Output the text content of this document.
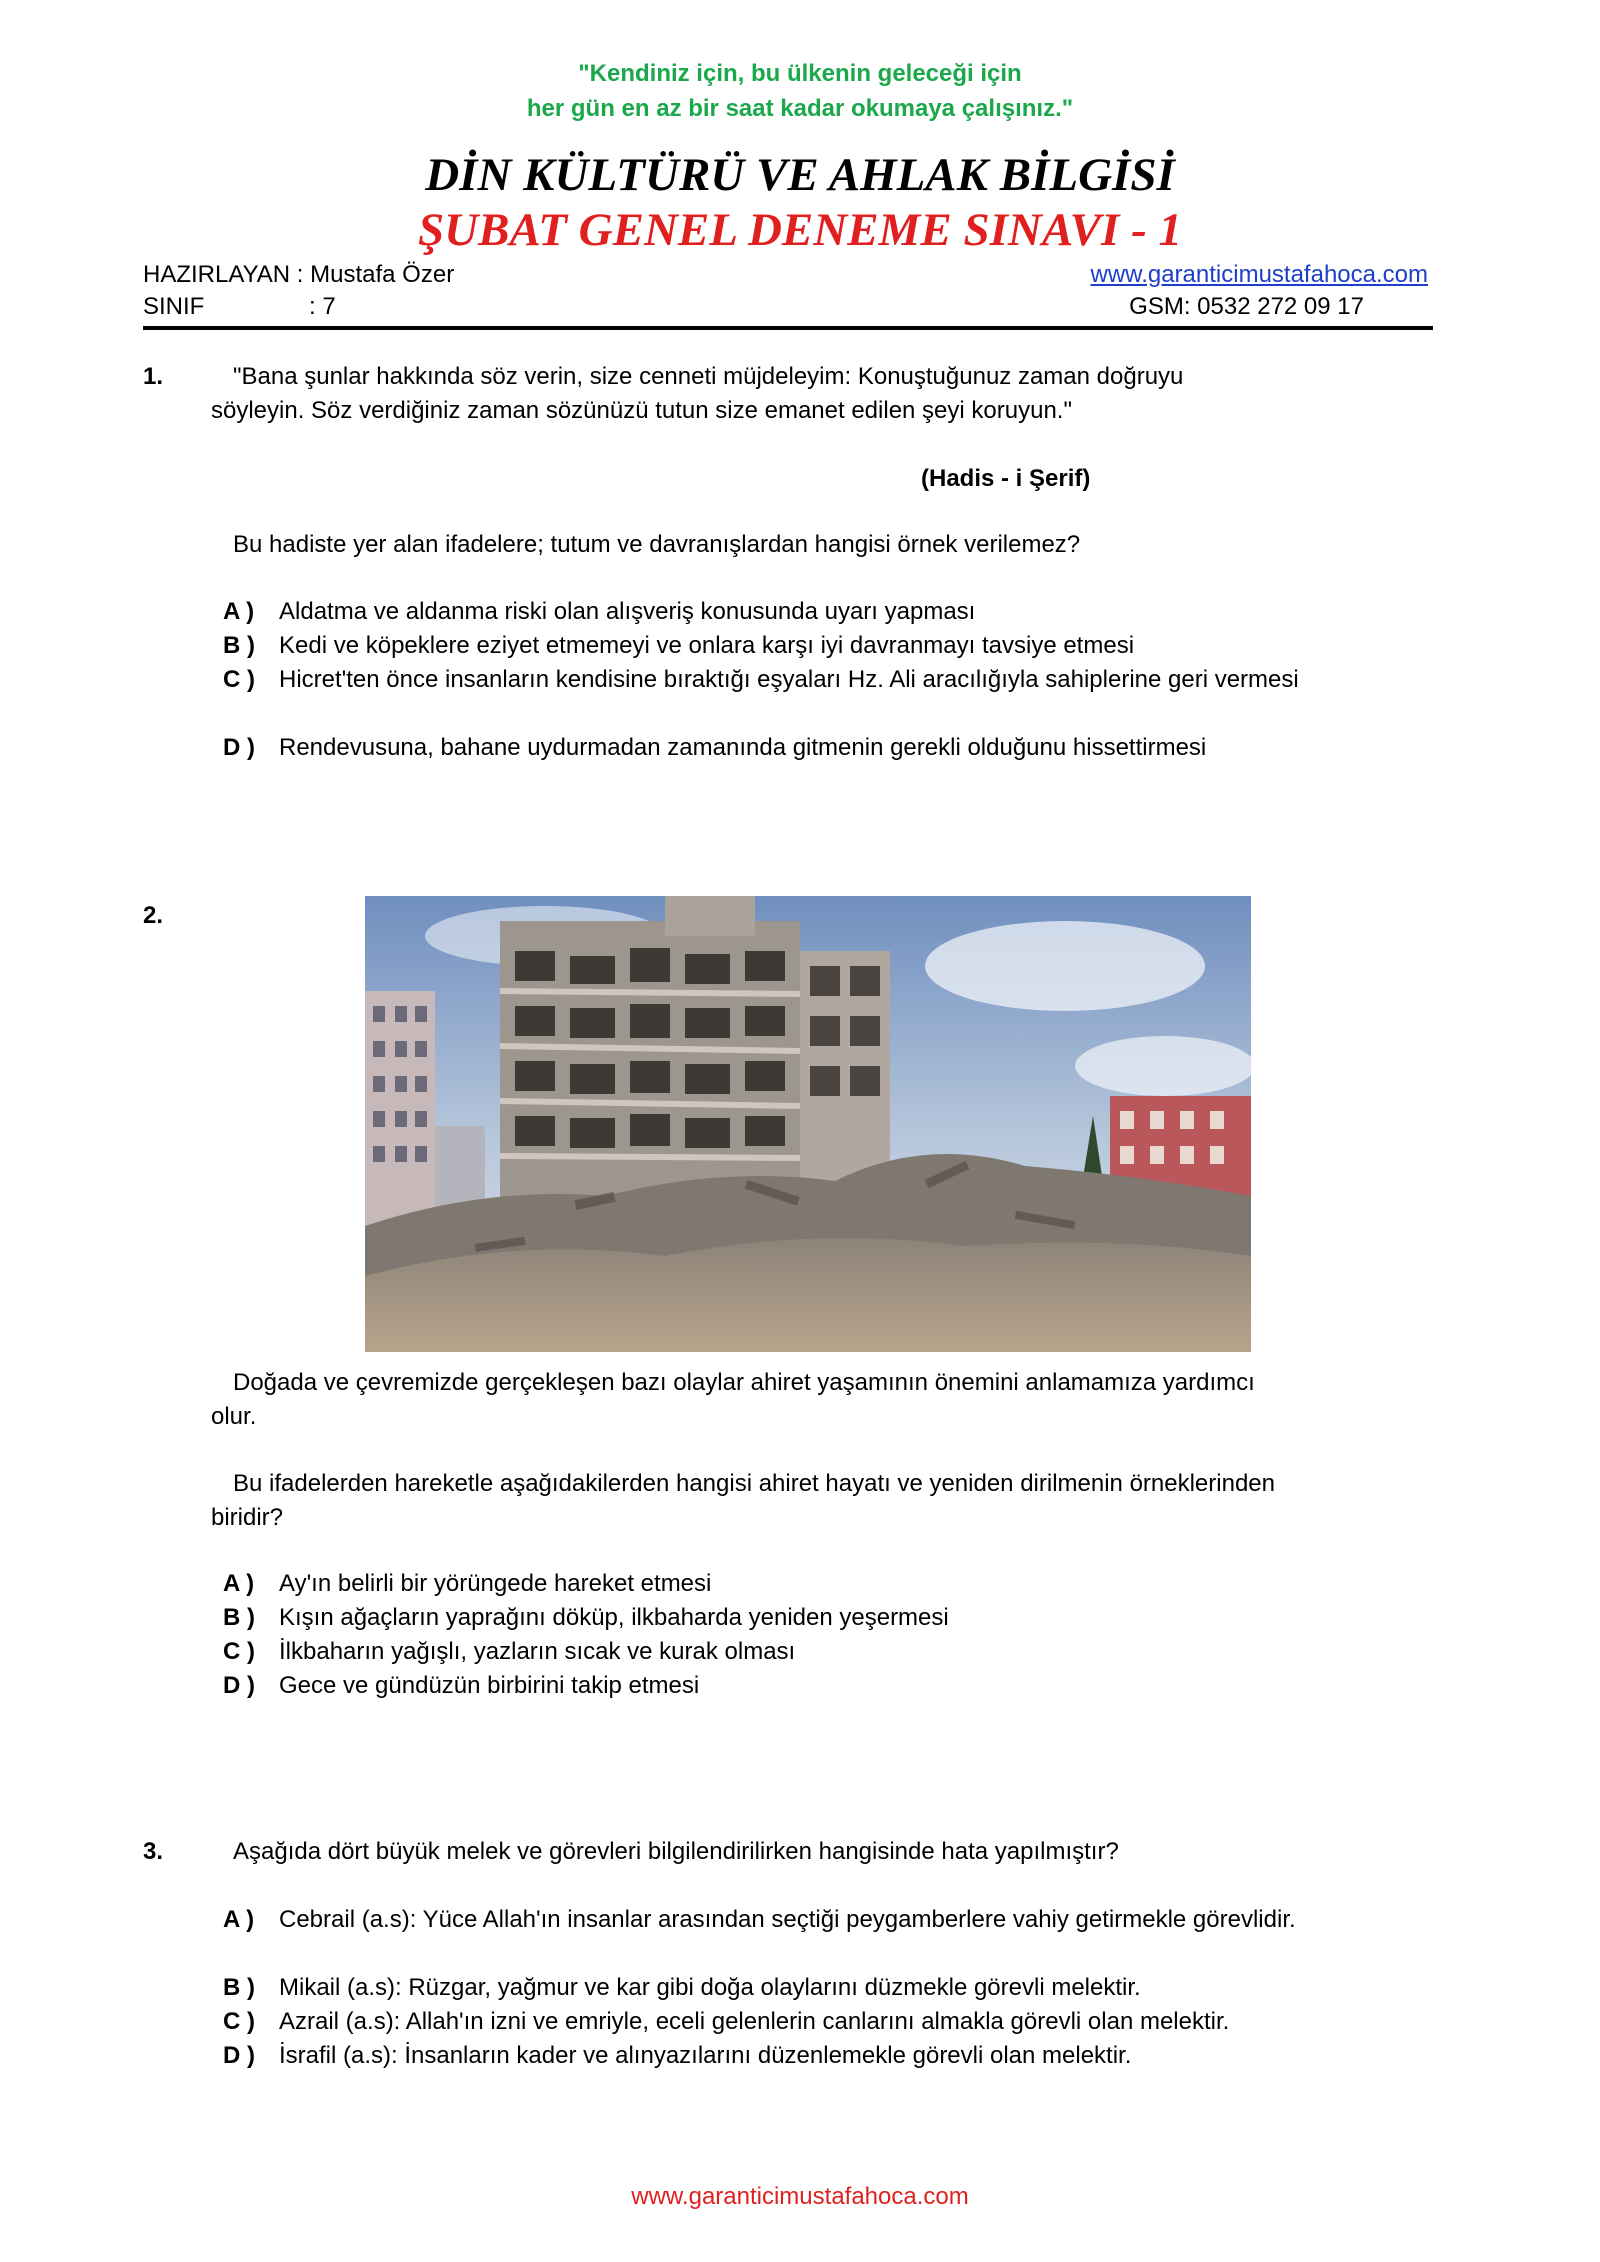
"Kendiniz için, bu ülkenin geleceği için
her gün en az bir saat kadar okumaya çalışınız."
DİN KÜLTÜRÜ VE AHLAK BİLGİSİ
ŞUBAT GENEL DENEME SINAVI - 1
HAZIRLAYAN : Mustafa Özer
SINIF	: 7
www.garanticimustafahoca.com
GSM: 0532 272 09 17
1.	"Bana şunlar hakkında söz verin, size cenneti müjdeleyim: Konuştuğunuz zaman doğruyu
söyleyin. Söz verdiğiniz zaman sözünüzü tutun size emanet edilen şeyi koruyun."
(Hadis - i Şerif)
Bu hadiste yer alan ifadelere; tutum ve davranışlardan hangisi örnek verilemez?
A )	Aldatma ve aldanma riski olan alışveriş konusunda uyarı yapması
B )	Kedi ve köpeklere eziyet etmemeyi ve onlara karşı iyi davranmayı tavsiye etmesi
C )	Hicret'ten önce insanların kendisine bıraktığı eşyaları Hz. Ali aracılığıyla sahiplerine geri vermesi
D )	Rendevusuna, bahane uydurmadan zamanında gitmenin gerekli olduğunu hissettirmesi
2.
Doğada ve çevremizde gerçekleşen bazı olaylar ahiret yaşamının önemini anlamamıza yardımcı
olur.
Bu ifadelerden hareketle aşağıdakilerden hangisi ahiret hayatı ve yeniden dirilmenin örneklerinden
biridir?
A )	Ay'ın belirli bir yörüngede hareket etmesi
B )	Kışın ağaçların yaprağını döküp, ilkbaharda yeniden yeşermesi
C )	İlkbaharın yağışlı, yazların sıcak ve kurak olması
D )	Gece ve gündüzün birbirini takip etmesi
3.	Aşağıda dört büyük melek ve görevleri bilgilendirilirken hangisinde hata yapılmıştır?
A )	Cebrail (a.s): Yüce Allah'ın insanlar arasından seçtiği peygamberlere vahiy getirmekle görevlidir.
B )	Mikail (a.s): Rüzgar, yağmur ve kar gibi doğa olaylarını düzmekle görevli melektir.
C )	Azrail (a.s): Allah'ın izni ve emriyle, eceli gelenlerin canlarını almakla görevli olan melektir.
D )	İsrafil (a.s): İnsanların kader ve alınyazılarını düzenlemekle görevli olan melektir.
www.garanticimustafahoca.com
